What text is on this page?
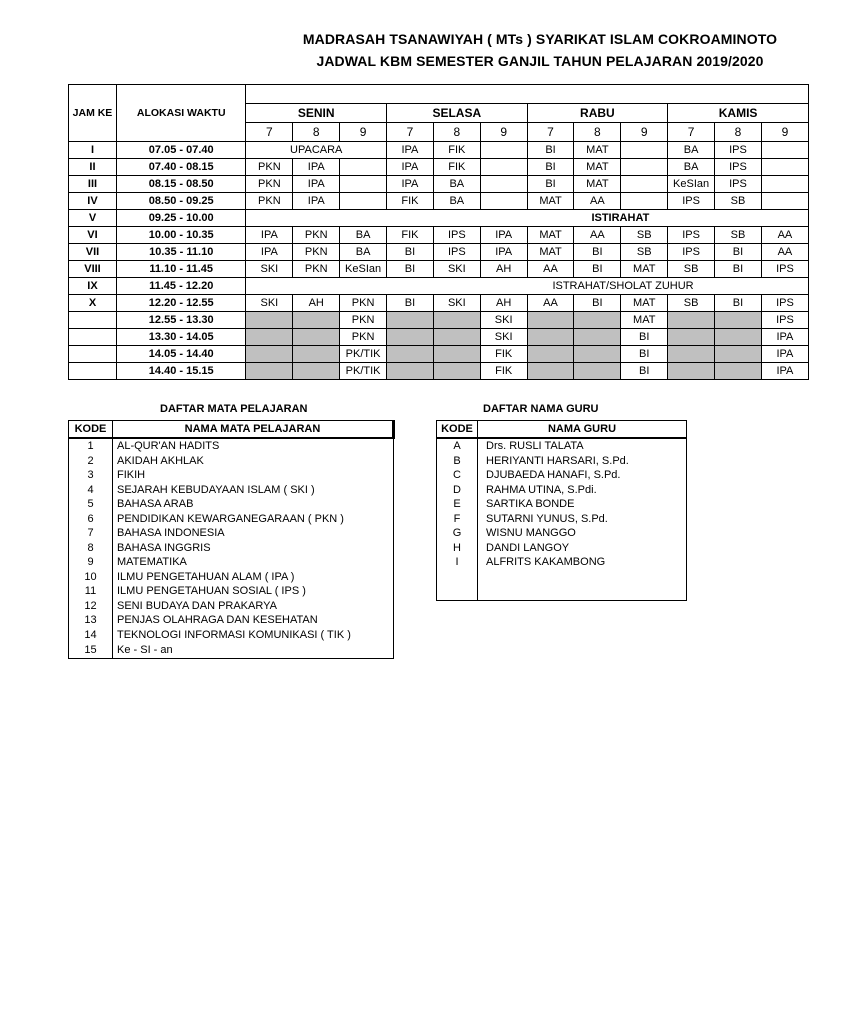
MADRASAH TSANAWIYAH ( MTs ) SYARIKAT ISLAM COKROAMINOTO
JADWAL KBM SEMESTER GANJIL TAHUN PELAJARAN 2019/2020
JAM KE	ALOKASI WAKTU												
		SENIN			SELASA			RABU			KAMIS		
		7	8	9	7	8	9	7	8	9	7	8	9
I	07.05 - 07.40	UPACARA			IPA	FIK		BI	MAT		BA	IPS	
II	07.40 - 08.15	PKN	IPA		IPA	FIK		BI	MAT		BA	IPS	
III	08.15 - 08.50	PKN	IPA		IPA	BA		BI	MAT		KeSIan	IPS	
IV	08.50 - 09.25	PKN	IPA		FIK	BA		MAT	AA		IPS	SB	
V	09.25 - 10.00	ISTIRAHAT											
VI	10.00 - 10.35	IPA	PKN	BA	FIK	IPS	IPA	MAT	AA	SB	IPS	SB	AA
VII	10.35 - 11.10	IPA	PKN	BA	BI	IPS	IPA	MAT	BI	SB	IPS	BI	AA
VIII	11.10 - 11.45	SKI	PKN	KeSIan	BI	SKI	AH	AA	BI	MAT	SB	BI	IPS
IX	11.45 - 12.20	ISTRAHAT/SHOLAT ZUHUR											
X	12.20 - 12.55	SKI	AH	PKN	BI	SKI	AH	AA	BI	MAT	SB	BI	IPS
	12.55 - 13.30			PKN			SKI			MAT			IPS
	13.30 - 14.05			PKN			SKI			BI			IPA
	14.05 - 14.40			PK/TIK			FIK			BI			IPA
	14.40 - 15.15			PK/TIK			FIK			BI			IPA
DAFTAR MATA PELAJARAN
KODE	NAMA MATA PELAJARAN
1	AL-QUR'AN HADITS
2	AKIDAH AKHLAK
3	FIKIH
4	SEJARAH KEBUDAYAAN ISLAM ( SKI )
5	BAHASA ARAB
6	PENDIDIKAN KEWARGANEGARAAN ( PKN )
7	BAHASA INDONESIA
8	BAHASA INGGRIS
9	MATEMATIKA
10	ILMU PENGETAHUAN ALAM ( IPA )
11	ILMU PENGETAHUAN SOSIAL ( IPS )
12	SENI BUDAYA DAN PRAKARYA
13	PENJAS OLAHRAGA DAN KESEHATAN
14	TEKNOLOGI INFORMASI KOMUNIKASI ( TIK )
15	Ke - SI - an
DAFTAR NAMA GURU
KODE	NAMA GURU
A	Drs. RUSLI TALATA
B	HERIYANTI HARSARI, S.Pd.
C	DJUBAEDA HANAFI, S.Pd.
D	RAHMA UTINA, S.Pdi.
E	SARTIKA BONDE
F	SUTARNI YUNUS, S.Pd.
G	WISNU MANGGO
H	DANDI LANGOY
I	ALFRITS KAKAMBONG
